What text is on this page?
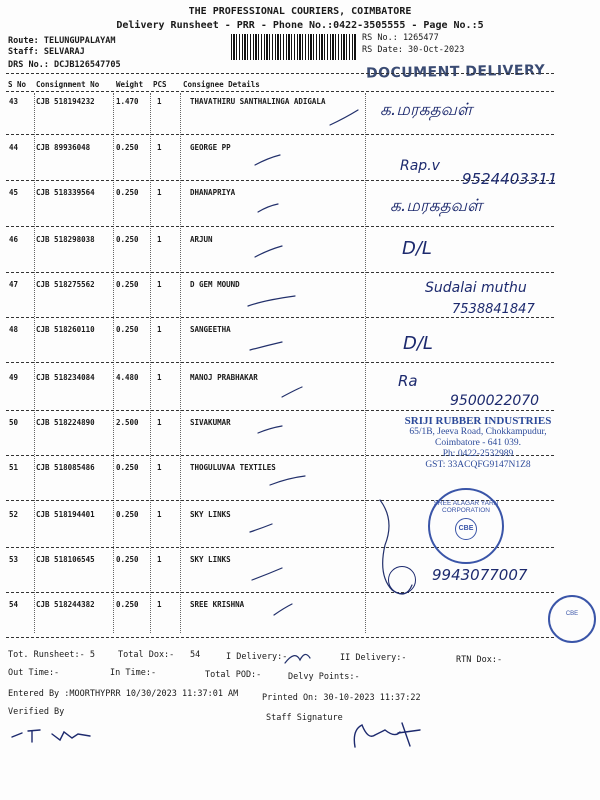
THE PROFESSIONAL COURIERS, COIMBATORE
Delivery Runsheet - PRR - Phone No.:0422-3505555 - Page No.:5
Route: TELUNGUPALAYAM
Staff: SELVARAJ
DRS No.: DCJB126547705
RS No.: 1265477
RS Date: 30-Oct-2023
DOCUMENT DELIVERY
S No Consignment No Weight PCS Consignee Details
43 CJB 518194232	1.470 1	THAVATHIRU SANTHALINGA ADIGALA
44 CJB 89936048	0.250 1	GEORGE PP
45 CJB 518339564	0.250 1	DHANAPRIYA
46 CJB 518298038	0.250 1	ARJUN
47 CJB 518275562	0.250 1	D GEM MOUND
48 CJB 518260110	0.250 1	SANGEETHA
49 CJB 518234084	4.480 1	MANOJ PRABHAKAR
50 CJB 518224890	2.500 1	SIVAKUMAR
51 CJB 518085486	0.250 1	THOGULUVAA TEXTILES
52 CJB 518194401	0.250 1	SKY LINKS
53 CJB 518106545	0.250 1	SKY LINKS
54 CJB 518244382	0.250 1	SREE KRISHNA
க.மரகதவள்
Rap.v
9524403311
க.மரகதவள்
D/L
Sudalai muthu
7538841847
D/L
Ra
9500022070
9943077007
SRIJI RUBBER INDUSTRIES
65/1B, Jeeva Road, Chokkampudur,
Coimbatore - 641 039.
Ph: 0422-2532989
GST: 33ACQFG9147N1Z8
SREE ALAGAR YARN CORPORATION
CBE
CBE
Tot. Runsheet:- 5	Total Dox:- 54	I Delivery:-	II Delivery:-	RTN Dox:-
Out Time:-	In Time:-	Total POD:-	Delvy Points:-
Entered By :MOORTHYPRR 10/30/2023 11:37:01 AM	Printed On: 30-10-2023 11:37:22
Verified By
Staff Signature
